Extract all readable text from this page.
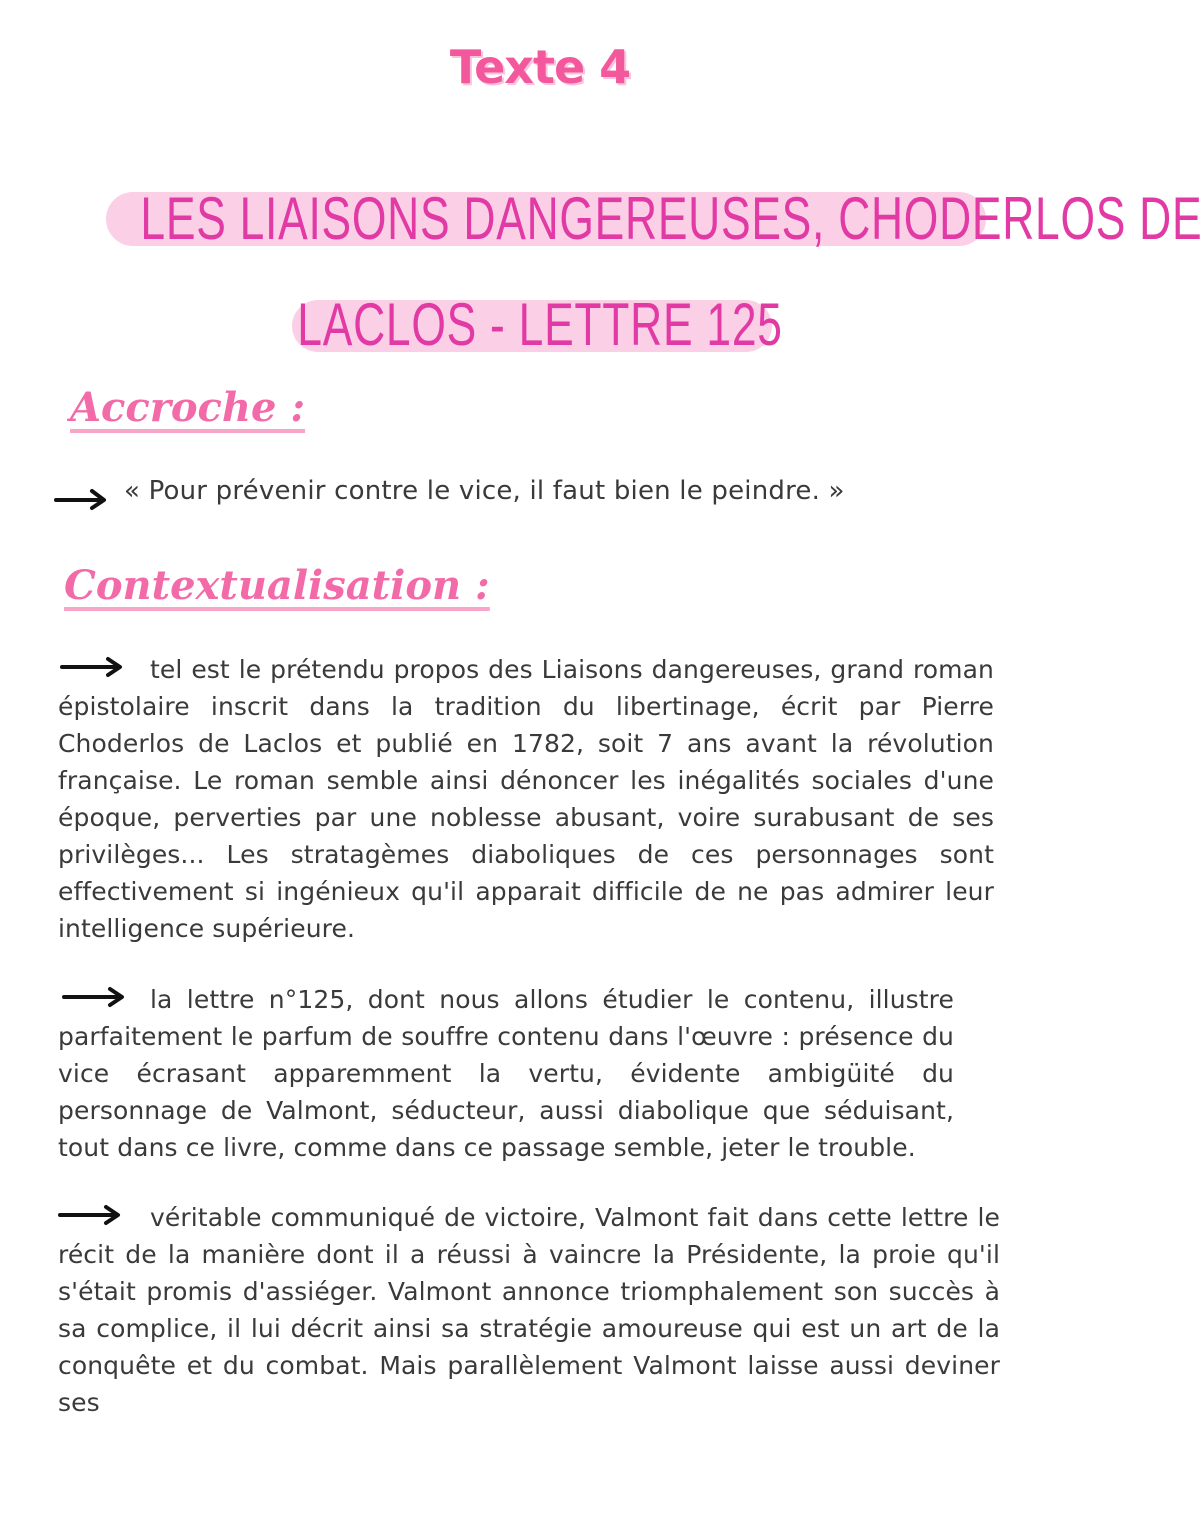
Texte 4
LES LIAISONS DANGEREUSES, CHODERLOS DE
LACLOS - LETTRE 125
Accroche :
« Pour prévenir contre le vice, il faut bien le peindre. »
Contextualisation :

tel est le prétendu propos des Liaisons dangereuses, grand roman épistolaire inscrit dans la tradition du libertinage, écrit par Pierre Choderlos de Laclos et publié en 1782, soit 7 ans avant la révolution française. Le roman semble ainsi dénoncer les inégalités sociales d'une époque, perverties par une noblesse abusant, voire surabusant de ses privilèges... Les stratagèmes diaboliques de ces personnages sont effectivement si ingénieux qu'il apparait difficile de ne pas admirer leur intelligence supérieure.

la lettre n°125, dont nous allons étudier le contenu, illustre parfaitement le parfum de souffre contenu dans l'œuvre : présence du vice écrasant apparemment la vertu, évidente ambigüité du personnage de Valmont, séducteur, aussi diabolique que séduisant, tout dans ce livre, comme dans ce passage semble, jeter le trouble.

véritable communiqué de victoire, Valmont fait dans cette lettre le récit de la manière dont il a réussi à vaincre la Présidente, la proie qu'il s'était promis d'assiéger. Valmont annonce triomphalement son succès à sa complice, il lui décrit ainsi sa stratégie amoureuse qui est un art de la conquête et du combat. Mais parallèlement Valmont laisse aussi deviner ses
